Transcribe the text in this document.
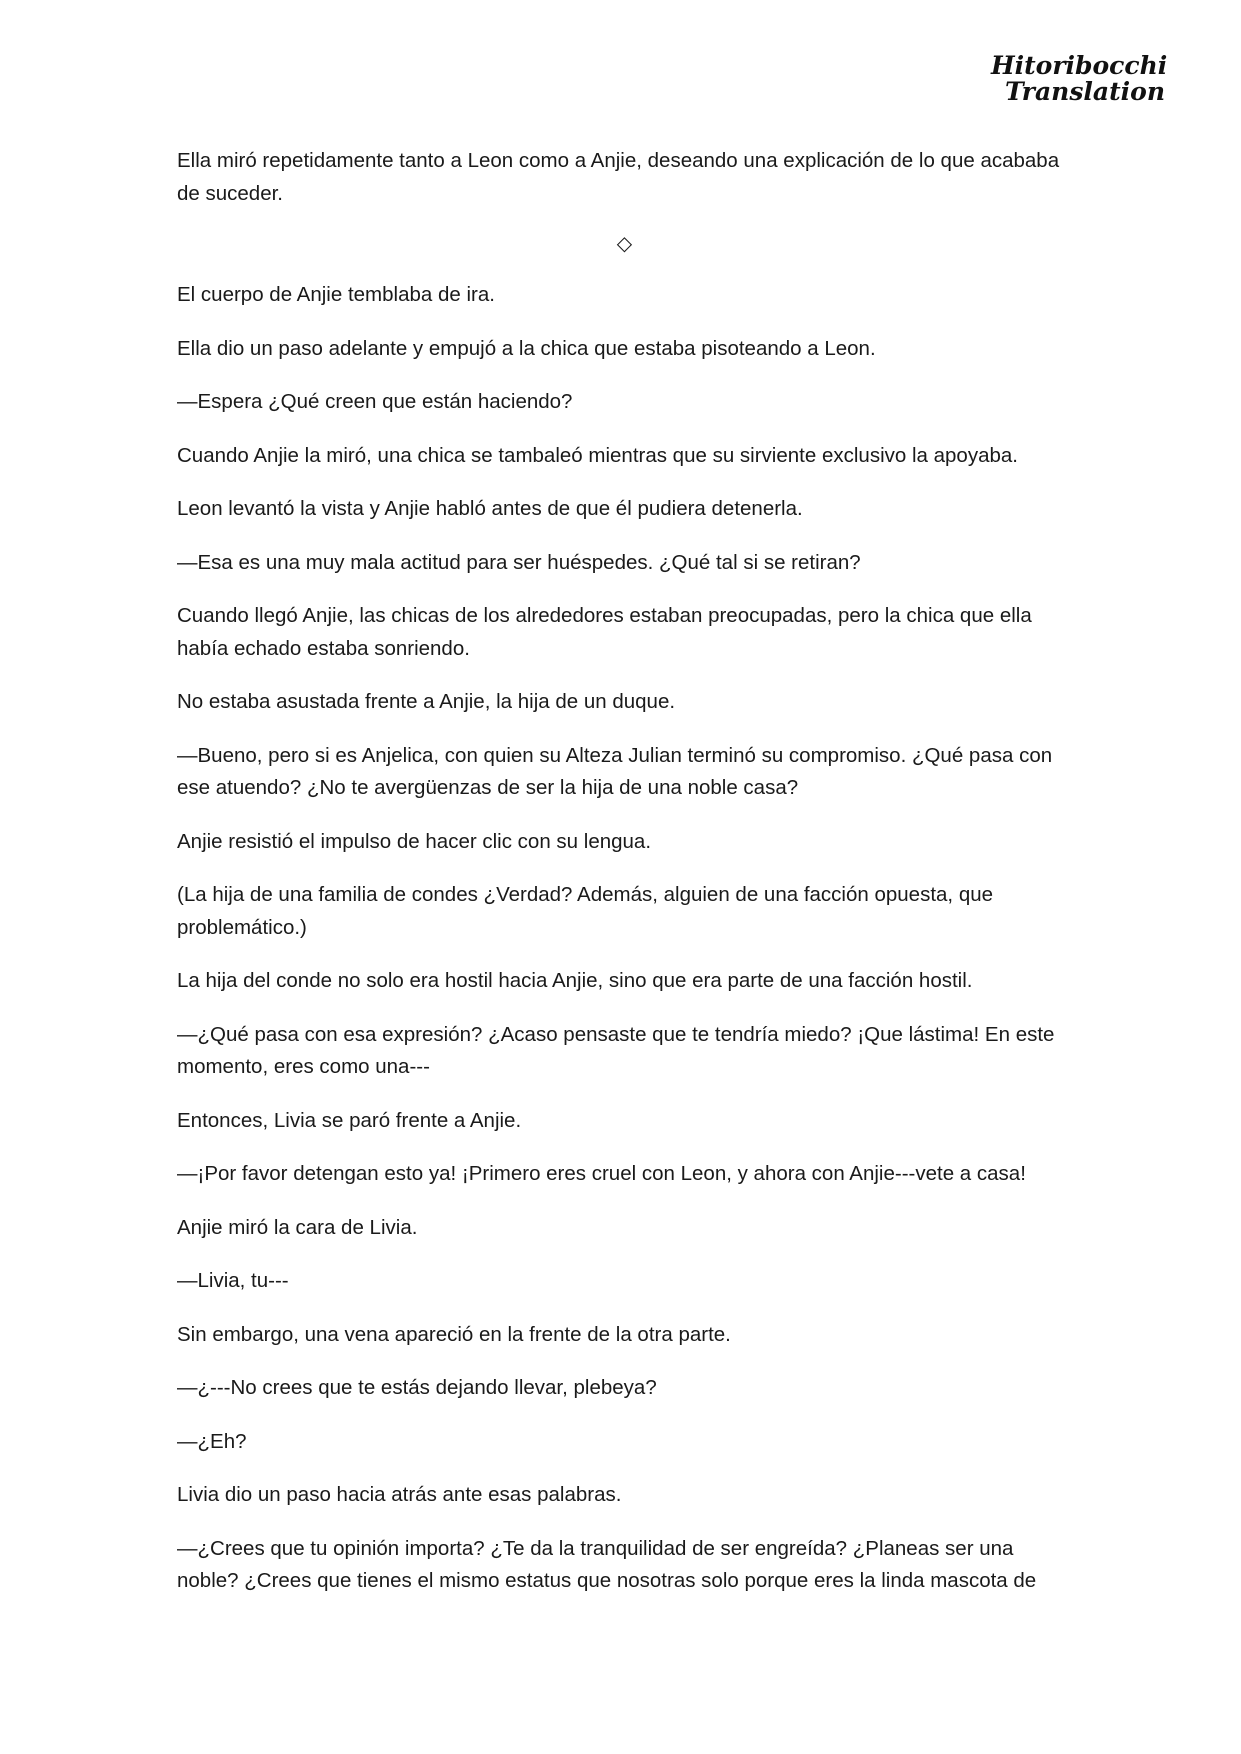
Hitoribocchi
Translation

Ella miró repetidamente tanto a Leon como a Anjie, deseando una explicación de lo que acababa de suceder.

◇

El cuerpo de Anjie temblaba de ira.

Ella dio un paso adelante y empujó a la chica que estaba pisoteando a Leon.

—Espera ¿Qué creen que están haciendo?

Cuando Anjie la miró, una chica se tambaleó mientras que su sirviente exclusivo la apoyaba.

Leon levantó la vista y Anjie habló antes de que él pudiera detenerla.

—Esa es una muy mala actitud para ser huéspedes. ¿Qué tal si se retiran?

Cuando llegó Anjie, las chicas de los alrededores estaban preocupadas, pero la chica que ella había echado estaba sonriendo.

No estaba asustada frente a Anjie, la hija de un duque.

—Bueno, pero si es Anjelica, con quien su Alteza Julian terminó su compromiso. ¿Qué pasa con ese atuendo? ¿No te avergüenzas de ser la hija de una noble casa?

Anjie resistió el impulso de hacer clic con su lengua.

(La hija de una familia de condes ¿Verdad? Además, alguien de una facción opuesta, que problemático.)

La hija del conde no solo era hostil hacia Anjie, sino que era parte de una facción hostil.

—¿Qué pasa con esa expresión? ¿Acaso pensaste que te tendría miedo? ¡Que lástima! En este momento, eres como una---

Entonces, Livia se paró frente a Anjie.

—¡Por favor detengan esto ya! ¡Primero eres cruel con Leon, y ahora con Anjie---vete a casa!

Anjie miró la cara de Livia.

—Livia, tu---

Sin embargo, una vena apareció en la frente de la otra parte.

—¿---No crees que te estás dejando llevar, plebeya?

—¿Eh?

Livia dio un paso hacia atrás ante esas palabras.

—¿Crees que tu opinión importa? ¿Te da la tranquilidad de ser engreída? ¿Planeas ser una noble? ¿Crees que tienes el mismo estatus que nosotras solo porque eres la linda mascota de
